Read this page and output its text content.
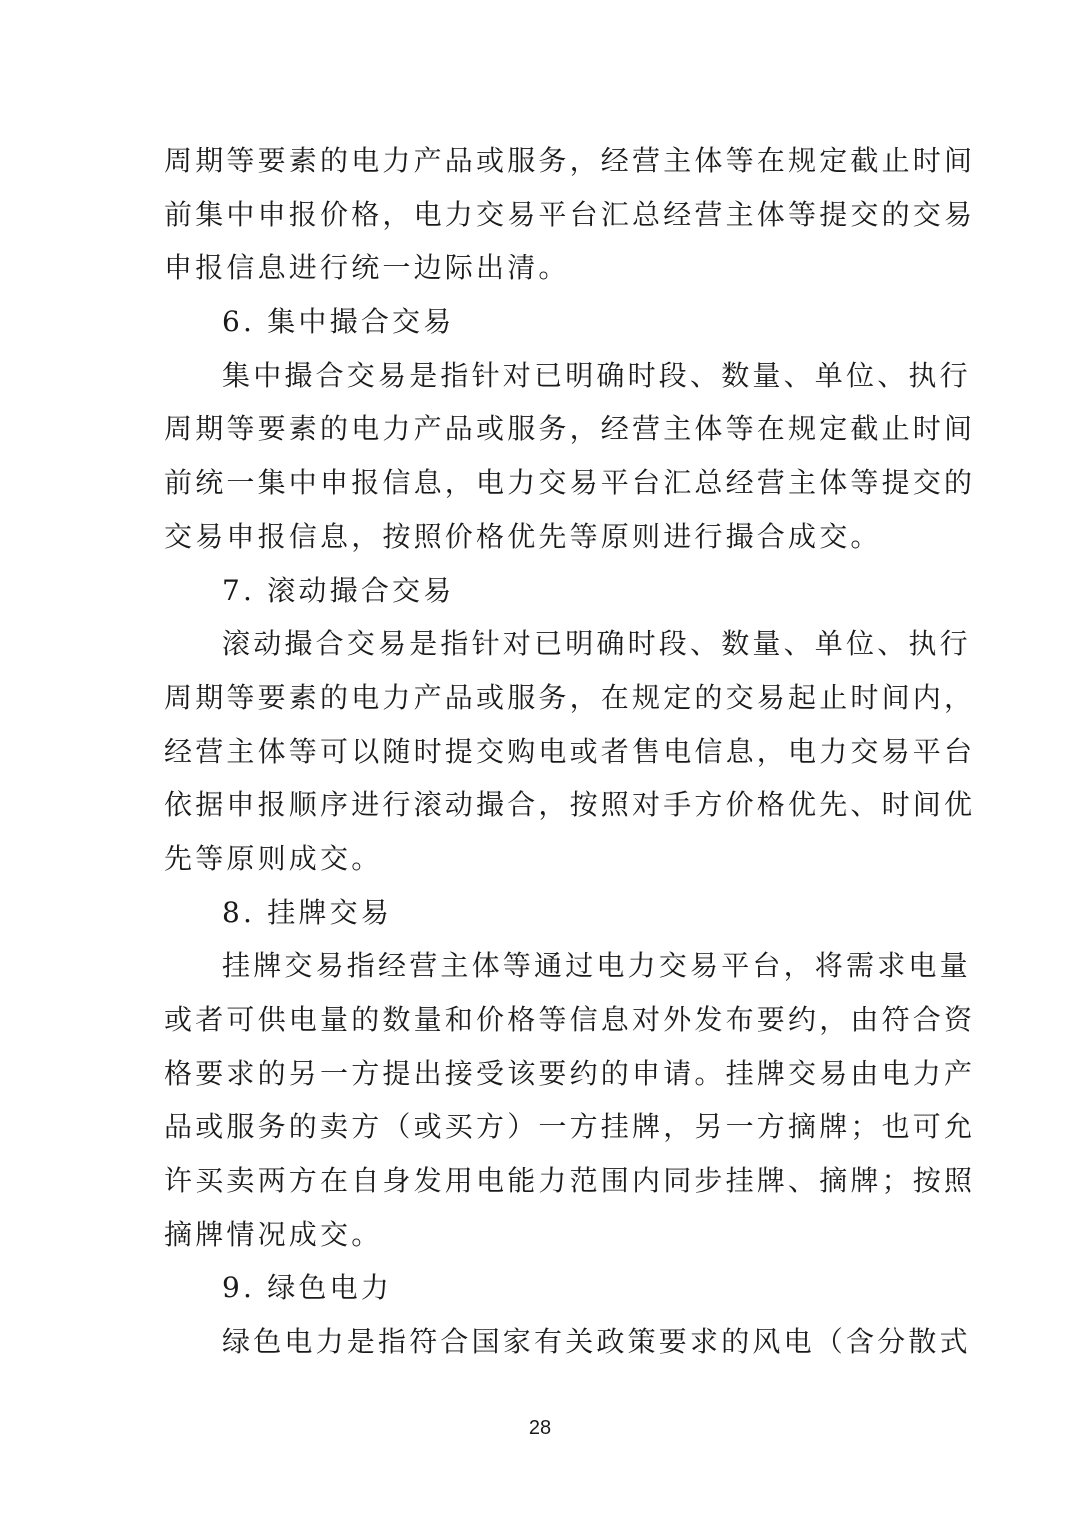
周期等要素的电力产品或服务，经营主体等在规定截止时间
前集中申报价格，电力交易平台汇总经营主体等提交的交易
申报信息进行统一边际出清。
6. 集中撮合交易
集中撮合交易是指针对已明确时段、数量、单位、执行
周期等要素的电力产品或服务，经营主体等在规定截止时间
前统一集中申报信息，电力交易平台汇总经营主体等提交的
交易申报信息，按照价格优先等原则进行撮合成交。
7. 滚动撮合交易
滚动撮合交易是指针对已明确时段、数量、单位、执行
周期等要素的电力产品或服务，在规定的交易起止时间内，
经营主体等可以随时提交购电或者售电信息，电力交易平台
依据申报顺序进行滚动撮合，按照对手方价格优先、时间优
先等原则成交。
8. 挂牌交易
挂牌交易指经营主体等通过电力交易平台，将需求电量
或者可供电量的数量和价格等信息对外发布要约，由符合资
格要求的另一方提出接受该要约的申请。挂牌交易由电力产
品或服务的卖方（或买方）一方挂牌，另一方摘牌；也可允
许买卖两方在自身发用电能力范围内同步挂牌、摘牌；按照
摘牌情况成交。
9. 绿色电力
绿色电力是指符合国家有关政策要求的风电（含分散式
28
